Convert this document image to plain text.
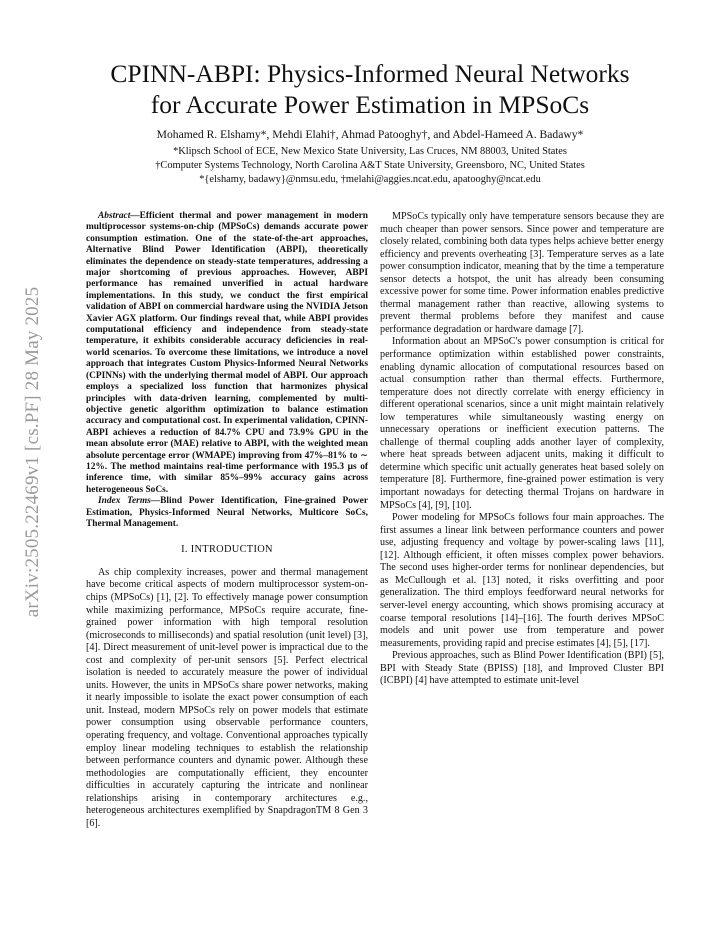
arXiv:2505.22469v1 [cs.PF] 28 May 2025
CPINN-ABPI: Physics-Informed Neural Networks
for Accurate Power Estimation in MPSoCs
Mohamed R. Elshamy*, Mehdi Elahi†, Ahmad Patooghy†, and Abdel-Hameed A. Badawy*
*Klipsch School of ECE, New Mexico State University, Las Cruces, NM 88003, United States
†Computer Systems Technology, North Carolina A&T State University, Greensboro, NC, United States
*{elshamy, badawy}@nmsu.edu, †melahi@aggies.ncat.edu, apatooghy@ncat.edu

Abstract—Efficient thermal and power management in modern multiprocessor systems-on-chip (MPSoCs) demands accurate power consumption estimation. One of the state-of-the-art approaches, Alternative Blind Power Identification (ABPI), theoretically eliminates the dependence on steady-state temperatures, addressing a major shortcoming of previous approaches. However, ABPI performance has remained unverified in actual hardware implementations. In this study, we conduct the first empirical validation of ABPI on commercial hardware using the NVIDIA Jetson Xavier AGX platform. Our findings reveal that, while ABPI provides computational efficiency and independence from steady-state temperature, it exhibits considerable accuracy deficiencies in real-world scenarios. To overcome these limitations, we introduce a novel approach that integrates Custom Physics-Informed Neural Networks (CPINNs) with the underlying thermal model of ABPI. Our approach employs a specialized loss function that harmonizes physical principles with data-driven learning, complemented by multi-objective genetic algorithm optimization to balance estimation accuracy and computational cost. In experimental validation, CPINN-ABPI achieves a reduction of 84.7% CPU and 73.9% GPU in the mean absolute error (MAE) relative to ABPI, with the weighted mean absolute percentage error (WMAPE) improving from 47%–81% to ∼ 12%. The method maintains real-time performance with 195.3 μs of inference time, with similar 85%–99% accuracy gains across heterogeneous SoCs.

Index Terms—Blind Power Identification, Fine-grained Power Estimation, Physics-Informed Neural Networks, Multicore SoCs, Thermal Management.

I. INTRODUCTION

As chip complexity increases, power and thermal management have become critical aspects of modern multiprocessor system-on-chips (MPSoCs) [1], [2]. To effectively manage power consumption while maximizing performance, MPSoCs require accurate, fine-grained power information with high temporal resolution (microseconds to milliseconds) and spatial resolution (unit level) [3], [4]. Direct measurement of unit-level power is impractical due to the cost and complexity of per-unit sensors [5]. Perfect electrical isolation is needed to accurately measure the power of individual units. However, the units in MPSoCs share power networks, making it nearly impossible to isolate the exact power consumption of each unit. Instead, modern MPSoCs rely on power models that estimate power consumption using observable performance counters, operating frequency, and voltage. Conventional approaches typically employ linear modeling techniques to establish the relationship between performance counters and dynamic power. Although these methodologies are computationally efficient, they encounter difficulties in accurately capturing the intricate and nonlinear relationships arising in contemporary architectures e.g., heterogeneous architectures exemplified by SnapdragonTM 8 Gen 3 [6].

MPSoCs typically only have temperature sensors because they are much cheaper than power sensors. Since power and temperature are closely related, combining both data types helps achieve better energy efficiency and prevents overheating [3]. Temperature serves as a late power consumption indicator, meaning that by the time a temperature sensor detects a hotspot, the unit has already been consuming excessive power for some time. Power information enables predictive thermal management rather than reactive, allowing systems to prevent thermal problems before they manifest and cause performance degradation or hardware damage [7].

Information about an MPSoC's power consumption is critical for performance optimization within established power constraints, enabling dynamic allocation of computational resources based on actual consumption rather than thermal effects. Furthermore, temperature does not directly correlate with energy efficiency in different operational scenarios, since a unit might maintain relatively low temperatures while simultaneously wasting energy on unnecessary operations or inefficient execution patterns. The challenge of thermal coupling adds another layer of complexity, where heat spreads between adjacent units, making it difficult to determine which specific unit actually generates heat based solely on temperature [8]. Furthermore, fine-grained power estimation is very important nowadays for detecting thermal Trojans on hardware in MPSoCs [4], [9], [10].

Power modeling for MPSoCs follows four main approaches. The first assumes a linear link between performance counters and power use, adjusting frequency and voltage by power-scaling laws [11], [12]. Although efficient, it often misses complex power behaviors. The second uses higher-order terms for nonlinear dependencies, but as McCullough et al. [13] noted, it risks overfitting and poor generalization. The third employs feedforward neural networks for server-level energy accounting, which shows promising accuracy at coarse temporal resolutions [14]–[16]. The fourth derives MPSoC models and unit power use from temperature and power measurements, providing rapid and precise estimates [4], [5], [17].

Previous approaches, such as Blind Power Identification (BPI) [5], BPI with Steady State (BPISS) [18], and Improved Cluster BPI (ICBPI) [4] have attempted to estimate unit-level
